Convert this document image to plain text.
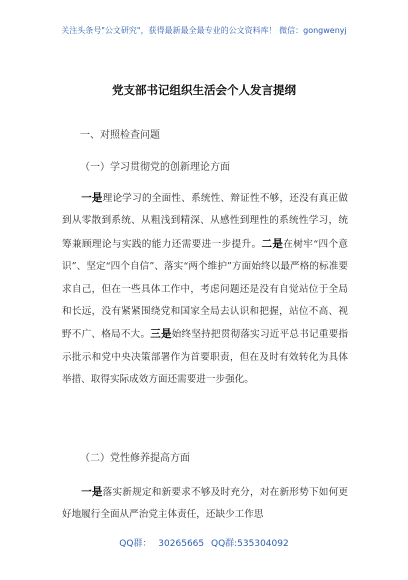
关注头条号"公文研究"，获得最新最全最专业的公文资料库！ 微信：gongwenyj
党支部书记组织生活会个人发言提纲
一、对照检查问题
（一）学习贯彻党的创新理论方面

一是理论学习的全面性、系统性、辩证性不够，还没有真正做到从零散到系统、从粗浅到精深、从感性到理性的系统性学习，统筹兼顾理论与实践的能力还需要进一步提升。二是在树牢“四个意识”、坚定“四个自信”、落实“两个维护”方面始终以最严格的标准要求自己，但在一些具体工作中，考虑问题还是没有自觉站位于全局和长远，没有紧紧围绕党和国家全局去认识和把握，站位不高、视野不广、格局不大。三是始终坚持把贯彻落实习近平总书记重要指示批示和党中央决策部署作为首要职责，但在及时有效转化为具体举措、取得实际成效方面还需要进一步强化。

（二）党性修养提高方面

一是落实新规定和新要求不够及时充分，对在新形势下如何更好地履行全面从严治党主体责任，还缺少工作思

QQ群： 30265665 QQ群:535304092
